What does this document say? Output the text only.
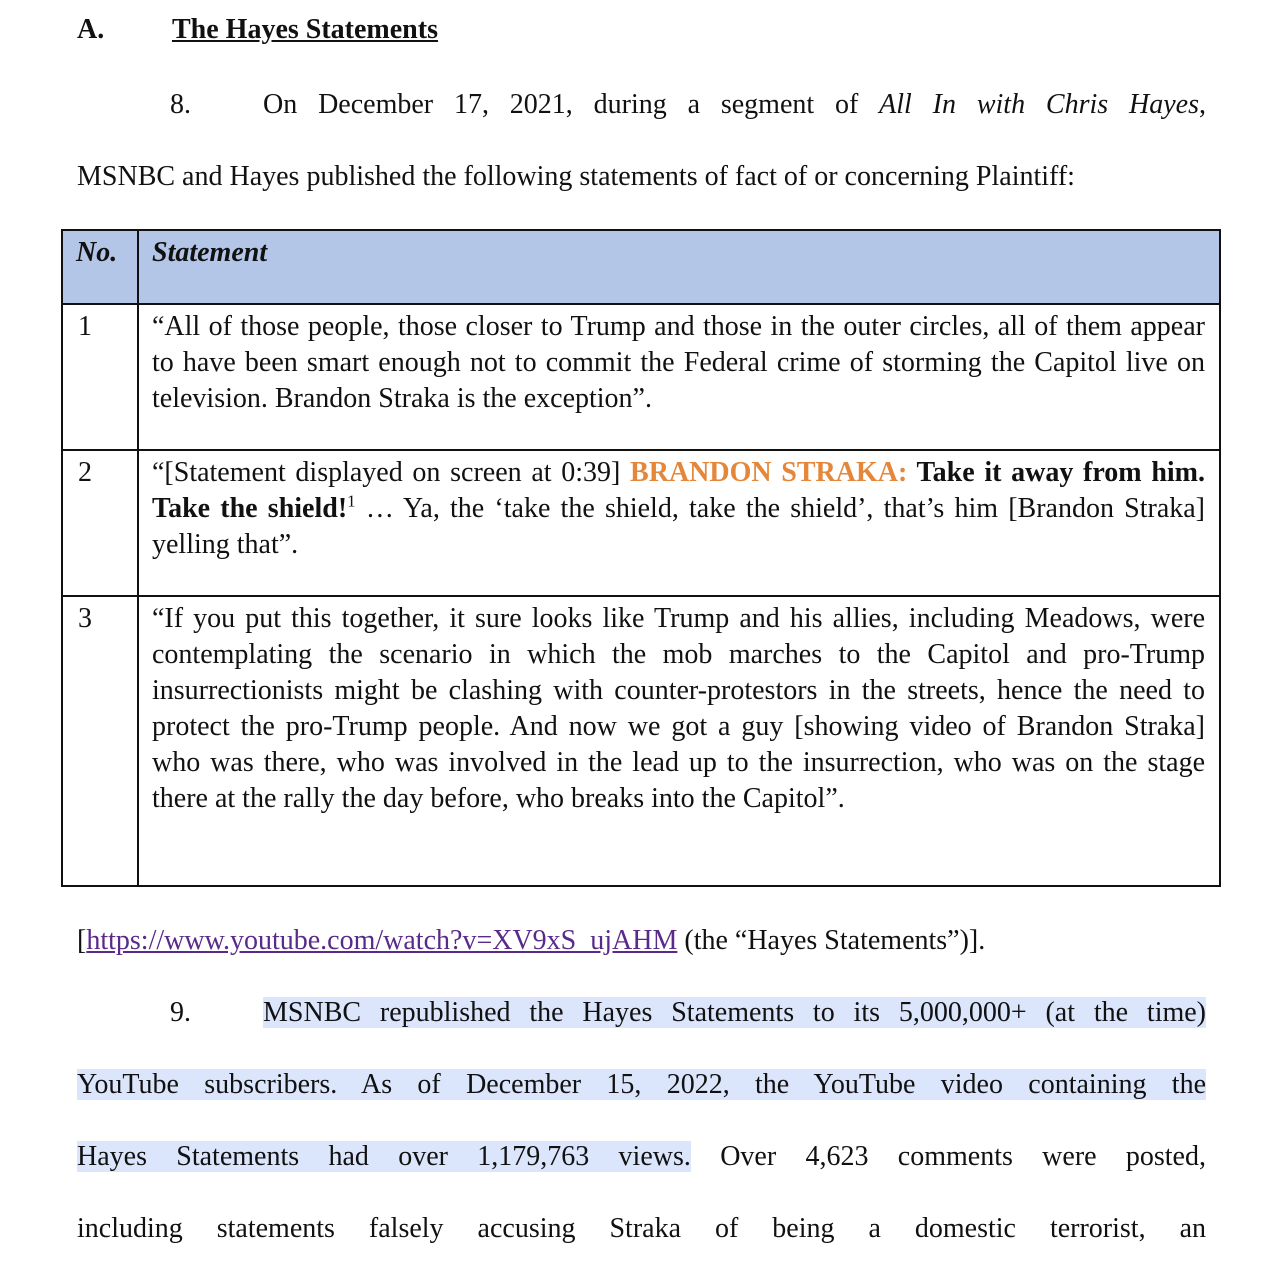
A. The Hayes Statements
8.	On December 17, 2021, during a segment of All In with Chris Hayes,
MSNBC and Hayes published the following statements of fact of or concerning Plaintiff:
No.	Statement
1	“All of those people, those closer to Trump and those in the outer circles, all of them appear to have been smart enough not to commit the Federal crime of storming the Capitol live on television. Brandon Straka is the exception”.
2	“[Statement displayed on screen at 0:39] BRANDON STRAKA: Take it away from him. Take the shield!$^1$ … Ya, the ‘take the shield, take the shield’, that’s him [Brandon Straka] yelling that”.
3	“If you put this together, it sure looks like Trump and his allies, including Meadows, were contemplating the scenario in which the mob marches to the Capitol and pro-Trump insurrectionists might be clashing with counter-protestors in the streets, hence the need to protect the pro-Trump people. And now we got a guy [showing video of Brandon Straka] who was there, who was involved in the lead up to the insurrection, who was on the stage there at the rally the day before, who breaks into the Capitol”.
[https://www.youtube.com/watch?v=XV9xS_ujAHM (the “Hayes Statements”)].
9.	MSNBC republished the Hayes Statements to its 5,000,000+ (at the time)
YouTube subscribers. As of December 15, 2022, the YouTube video containing the
Hayes Statements had over 1,179,763 views. Over 4,623 comments were posted,
including statements falsely accusing Straka of being a domestic terrorist, an
